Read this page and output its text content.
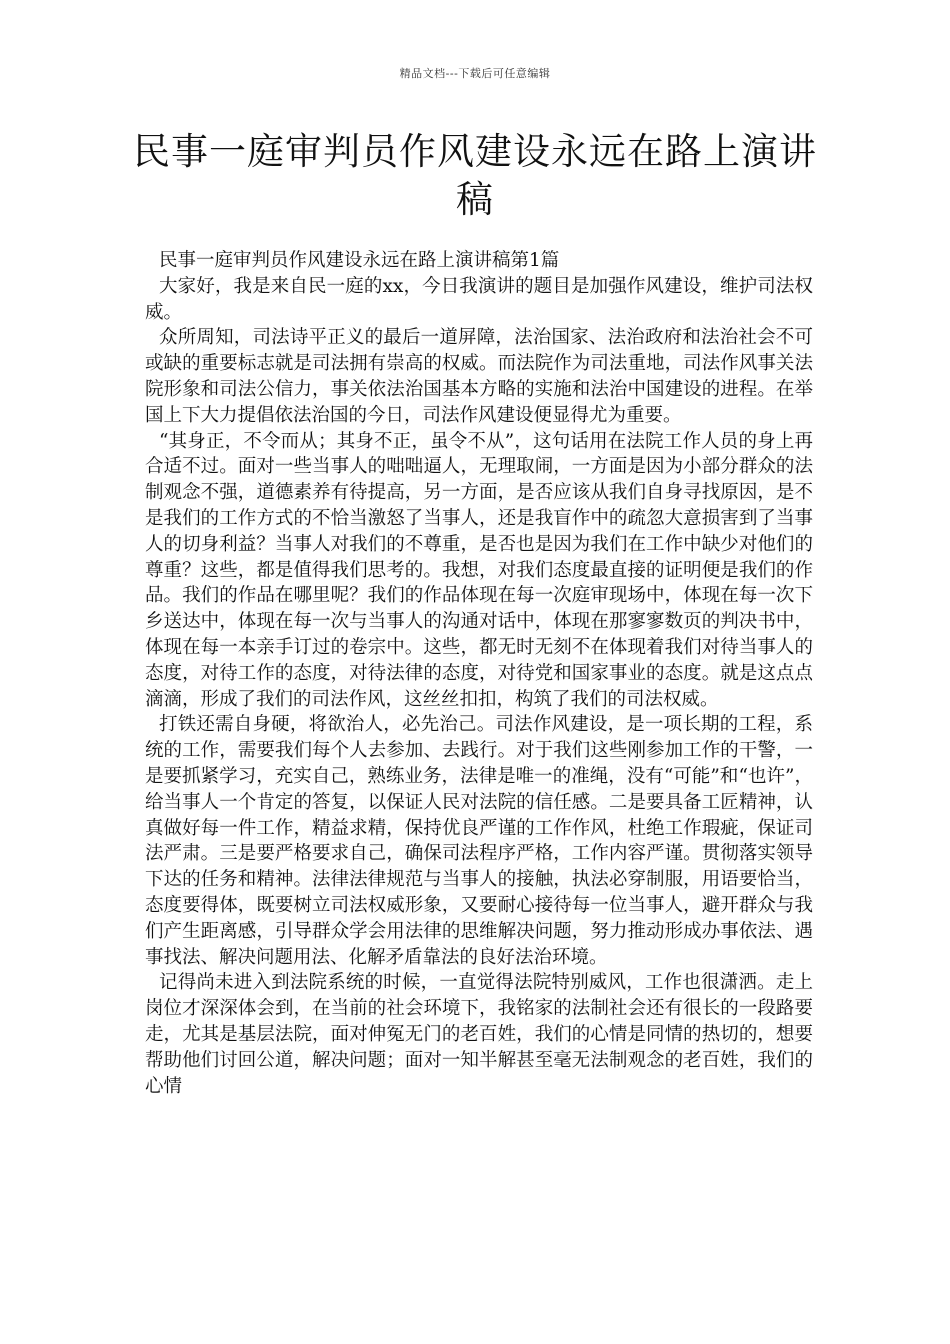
精品文档---下载后可任意编辑
民事一庭审判员作风建设永远在路上演讲稿
民事一庭审判员作风建设永远在路上演讲稿第1篇

大家好，我是来自民一庭的xx，今日我演讲的题目是加强作风建设，维护司法权威。

众所周知，司法诗平正义的最后一道屏障，法治国家、法治政府和法治社会不可或缺的重要标志就是司法拥有崇高的权威。而法院作为司法重地，司法作风事关法院形象和司法公信力，事关依法治国基本方略的实施和法治中国建设的进程。在举国上下大力提倡依法治国的今日，司法作风建设便显得尤为重要。

“其身正，不令而从；其身不正，虽令不从”，这句话用在法院工作人员的身上再合适不过。面对一些当事人的咄咄逼人，无理取闹，一方面是因为小部分群众的法制观念不强，道德素养有待提高，另一方面，是否应该从我们自身寻找原因，是不是我们的工作方式的不恰当激怒了当事人，还是我盲作中的疏忽大意损害到了当事人的切身利益？当事人对我们的不尊重，是否也是因为我们在工作中缺少对他们的尊重？这些，都是值得我们思考的。我想，对我们态度最直接的证明便是我们的作品。我们的作品在哪里呢？我们的作品体现在每一次庭审现场中，体现在每一次下乡送达中，体现在每一次与当事人的沟通对话中，体现在那寥寥数页的判决书中，体现在每一本亲手订过的卷宗中。这些，都无时无刻不在体现着我们对待当事人的态度，对待工作的态度，对待法律的态度，对待党和国家事业的态度。就是这点点滴滴，形成了我们的司法作风，这丝丝扣扣，构筑了我们的司法权威。

打铁还需自身硬，将欲治人，必先治己。司法作风建设，是一项长期的工程，系统的工作，需要我们每个人去参加、去践行。对于我们这些刚参加工作的干警，一是要抓紧学习，充实自己，熟练业务，法律是唯一的准绳，没有“可能”和“也许”，给当事人一个肯定的答复，以保证人民对法院的信任感。二是要具备工匠精神，认真做好每一件工作，精益求精，保持优良严谨的工作作风，杜绝工作瑕疵，保证司法严肃。三是要严格要求自己，确保司法程序严格，工作内容严谨。贯彻落实领导下达的任务和精神。法律法律规范与当事人的接触，执法必穿制服，用语要恰当，态度要得体，既要树立司法权威形象，又要耐心接待每一位当事人，避开群众与我们产生距离感，引导群众学会用法律的思维解决问题，努力推动形成办事依法、遇事找法、解决问题用法、化解矛盾靠法的良好法治环境。

记得尚未进入到法院系统的时候，一直觉得法院特别威风，工作也很潇洒。走上岗位才深深体会到，在当前的社会环境下，我铭家的法制社会还有很长的一段路要走，尤其是基层法院，面对伸冤无门的老百姓，我们的心情是同情的热切的，想要帮助他们讨回公道，解决问题；面对一知半解甚至毫无法制观念的老百姓，我们的心情
